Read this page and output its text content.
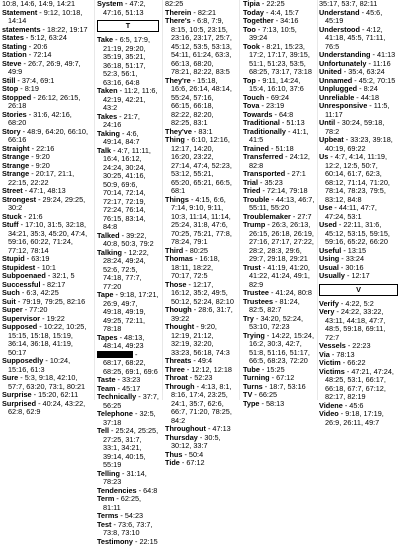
10:8, 14:6, 14:9, 14:21

Statement - 9:12, 10:18, 14:14

statements - 18:22, 19:17

States - 5:12, 63:24

Stating - 20:6

Station - 72:14

Steve - 26:7, 26:9, 49:7, 49:9

Still - 37:4, 69:1

Stop - 8:19

Stopped - 26:12, 26:15, 26:18

Stories - 31:6, 42:16, 68:20

Story - 48:9, 64:20, 66:10, 66:16

Straight - 22:16

Strange - 9:20

Strange - 9:20

Strange - 20:17, 21:1, 22:15, 22:22

Street - 47:1, 48:13

Strongest - 29:24, 29:25, 30:2

Stuck - 21:6

Stuff - 17:10, 31:5, 32:18, 34:21, 35:3, 45:20, 47:4, 59:16, 60:22, 71:24, 77:12, 78:14

Stupid - 63:19

Stupidest - 10:1

Subpoenaed - 32:1, 5

Successful - 82:17

Such - 6:3, 42:25

Suit - 79:19, 79:25, 82:16

Super - 77:20

Supervisor - 19:22

Supposed - 10:22, 10:25, 15:15, 15:18, 15:19, 36:14, 36:18, 41:19, 50:17

Supposedly - 10:24, 15:16, 61:3

Sure - 5:3, 9:18, 42:10, 57:7, 63:20, 73:1, 80:21

Surprise - 15:20, 62:11

Surprised - 40:24, 43:22, 62:8, 62:9

System - 47:2, 47:16, 51:13

T

Take - 6:5, 17:9, 21:19, 29:20, 35:19, 35:21, 36:18, 51:17, 52:3, 56:1, 63:16, 64:8

Taken - 11:2, 11:6, 42:19, 42:21, 43:2

Takes - 21:7, 24:16

Taking - 4:6, 49:14, 84:7

Talk - 4:7, 11:11, 16:4, 16:12, 24:24, 30:24, 30:25, 41:16, 50:9, 69:6, 70:14, 72:14, 72:17, 72:19, 72:24, 76:14, 76:15, 83:14, 84:8

Talked - 39:22, 40:8, 50:3, 79:2

Talking - 12:22, 28:24, 49:24, 52:6, 72:5, 74:18, 77:7, 77:20

Tape - 9:18, 17:21, 26:9, 49:7, 49:18, 49:19, 49:25, 72:11, 78:18

Tapes - 48:13, 48:14, 49:23

- 68:17, 68:22, 68:25, 69:1, 69:6

Taste - 33:23

Team - 45:17

Technically - 37:7, 56:25

Telephone - 32:5, 37:18

Tell - 25:24, 25:25, 27:25, 31:7, 33:1, 34:21, 39:14, 40:15, 55:19

Telling - 31:14, 78:23

Tendencies - 64:8

Term - 62:25, 81:11

Terms - 54:23

Test - 73:6, 73:7, 73:8, 73:10

Testimony - 22:15

82:25

Therein - 82:21

There's - 6:8, 7:9, 8:15, 10:5, 23:15, 23:16, 23:17, 25:7, 45:12, 53:5, 53:13, 54:11, 61:24, 63:3, 66:13, 68:20, 78:21, 82:22, 83:5

They're - 15:18, 16:6, 26:14, 48:14, 55:24, 57:16, 66:15, 66:18, 82:22, 82:20, 82:25, 83:1

They've - 83:1

Thing - 6:10, 12:16, 12:17, 14:20, 16:20, 23:22, 27:14, 47:4, 52:23, 53:12, 55:21, 65:20, 65:21, 66:5, 68:1

Things - 4:15, 6:6, 7:14, 9:10, 9:11, 10:3, 11:14, 11:14, 25:24, 31:8, 47:6, 70:25, 75:21, 77:8, 78:24, 79:1

Third - 80:25

Thomas - 16:18, 18:11, 18:22, 70:17, 72:5

Those - 12:17, 16:12, 35:2, 49:5, 50:12, 52:24, 82:10

Though - 28:6, 31:7, 39:22

Thought - 9:20, 12:19, 21:12, 32:19, 32:20, 33:23, 56:18, 74:3

Threats - 49:4

Three - 12:12, 12:18

Throat - 52:23

Through - 4:13, 8:1, 8:16, 17:4, 23:25, 24:1, 35:7, 62:6, 66:7, 71:20, 78:25, 84:2

Throughout - 47:13

Thursday - 30:5, 30:12, 33:7

Thus - 50:4

Tide - 67:12

Tipia - 22:25

Today - 4:4, 15:7

Together - 34:16

Too - 7:13, 10:5, 39:24

Took - 8:21, 15:23, 17:2, 17:17, 39:15, 51:1, 51:23, 53:5, 68:25, 73:17, 73:18

Top - 9:11, 14:24, 15:4, 16:10, 37:6

Touch - 69:24

Tova - 23:19

Towards - 64:8

Traditional - 51:13

Traditionally - 41:1, 41:5

Trained - 51:18

Transferred - 24:12, 82:8

Transported - 27:1

Trial - 35:23

Tried - 72:14, 79:18

Trouble - 44:13, 46:7, 55:11, 55:20

Troublemaker - 27:7

Trump - 26:3, 26:13, 26:15, 26:18, 26:19, 27:16, 27:17, 27:22, 28:2, 28:3, 29:6, 29:7, 29:18, 29:21

Trust - 41:19, 41:20, 41:22, 41:24, 49:1, 82:9

Trustee - 41:24, 80:8

Trustees - 81:24, 82:5, 82:7

Try - 34:20, 52:24, 53:10, 72:23

Trying - 14:22, 15:24, 16:2, 30:3, 42:7, 51:8, 51:16, 51:17, 66:5, 68:23, 72:20

Tube - 15:25

Turning - 67:12

Turns - 18:7, 53:16

TV - 66:25

Type - 58:13

35:17, 53:7, 82:11

Understand - 45:6, 45:19

Understood - 4:12, 41:18, 45:5, 71:11, 76:5

Understanding - 41:13

Unfortunately - 11:16

United - 35:4, 63:24

Unnamed - 45:2, 70:15

Unplugged - 8:24

Unreliable - 44:18

Unresponsive - 11:5, 11:17

Until - 30:24, 59:18, 78:2

Upbeat - 33:23, 39:18, 40:19, 69:22

Us - 4:7, 4:14, 11:19, 12:2, 12:5, 50:7, 60:14, 61:7, 62:3, 68:12, 71:14, 71:20, 78:14, 78:23, 79:5, 83:12, 84:8

Use - 44:11, 47:7, 47:24, 53:1

Used - 22:11, 31:6, 45:12, 53:15, 59:15, 59:16, 65:22, 66:20

Useful - 13:15

Using - 33:24

Usual - 30:16

Usually - 12:17

V

Verify - 4:22, 5:2

Very - 24:22, 33:22, 43:11, 44:18, 47:7, 48:5, 59:18, 69:11, 72:7

Vessels - 22:23

Via - 78:13

Victim - 66:22

Victims - 47:21, 47:24, 48:25, 53:1, 66:17, 66:18, 67:7, 67:12, 82:17, 82:19

Videne - 45:6

Video - 9:18, 17:19, 26:9, 26:11, 49:7
